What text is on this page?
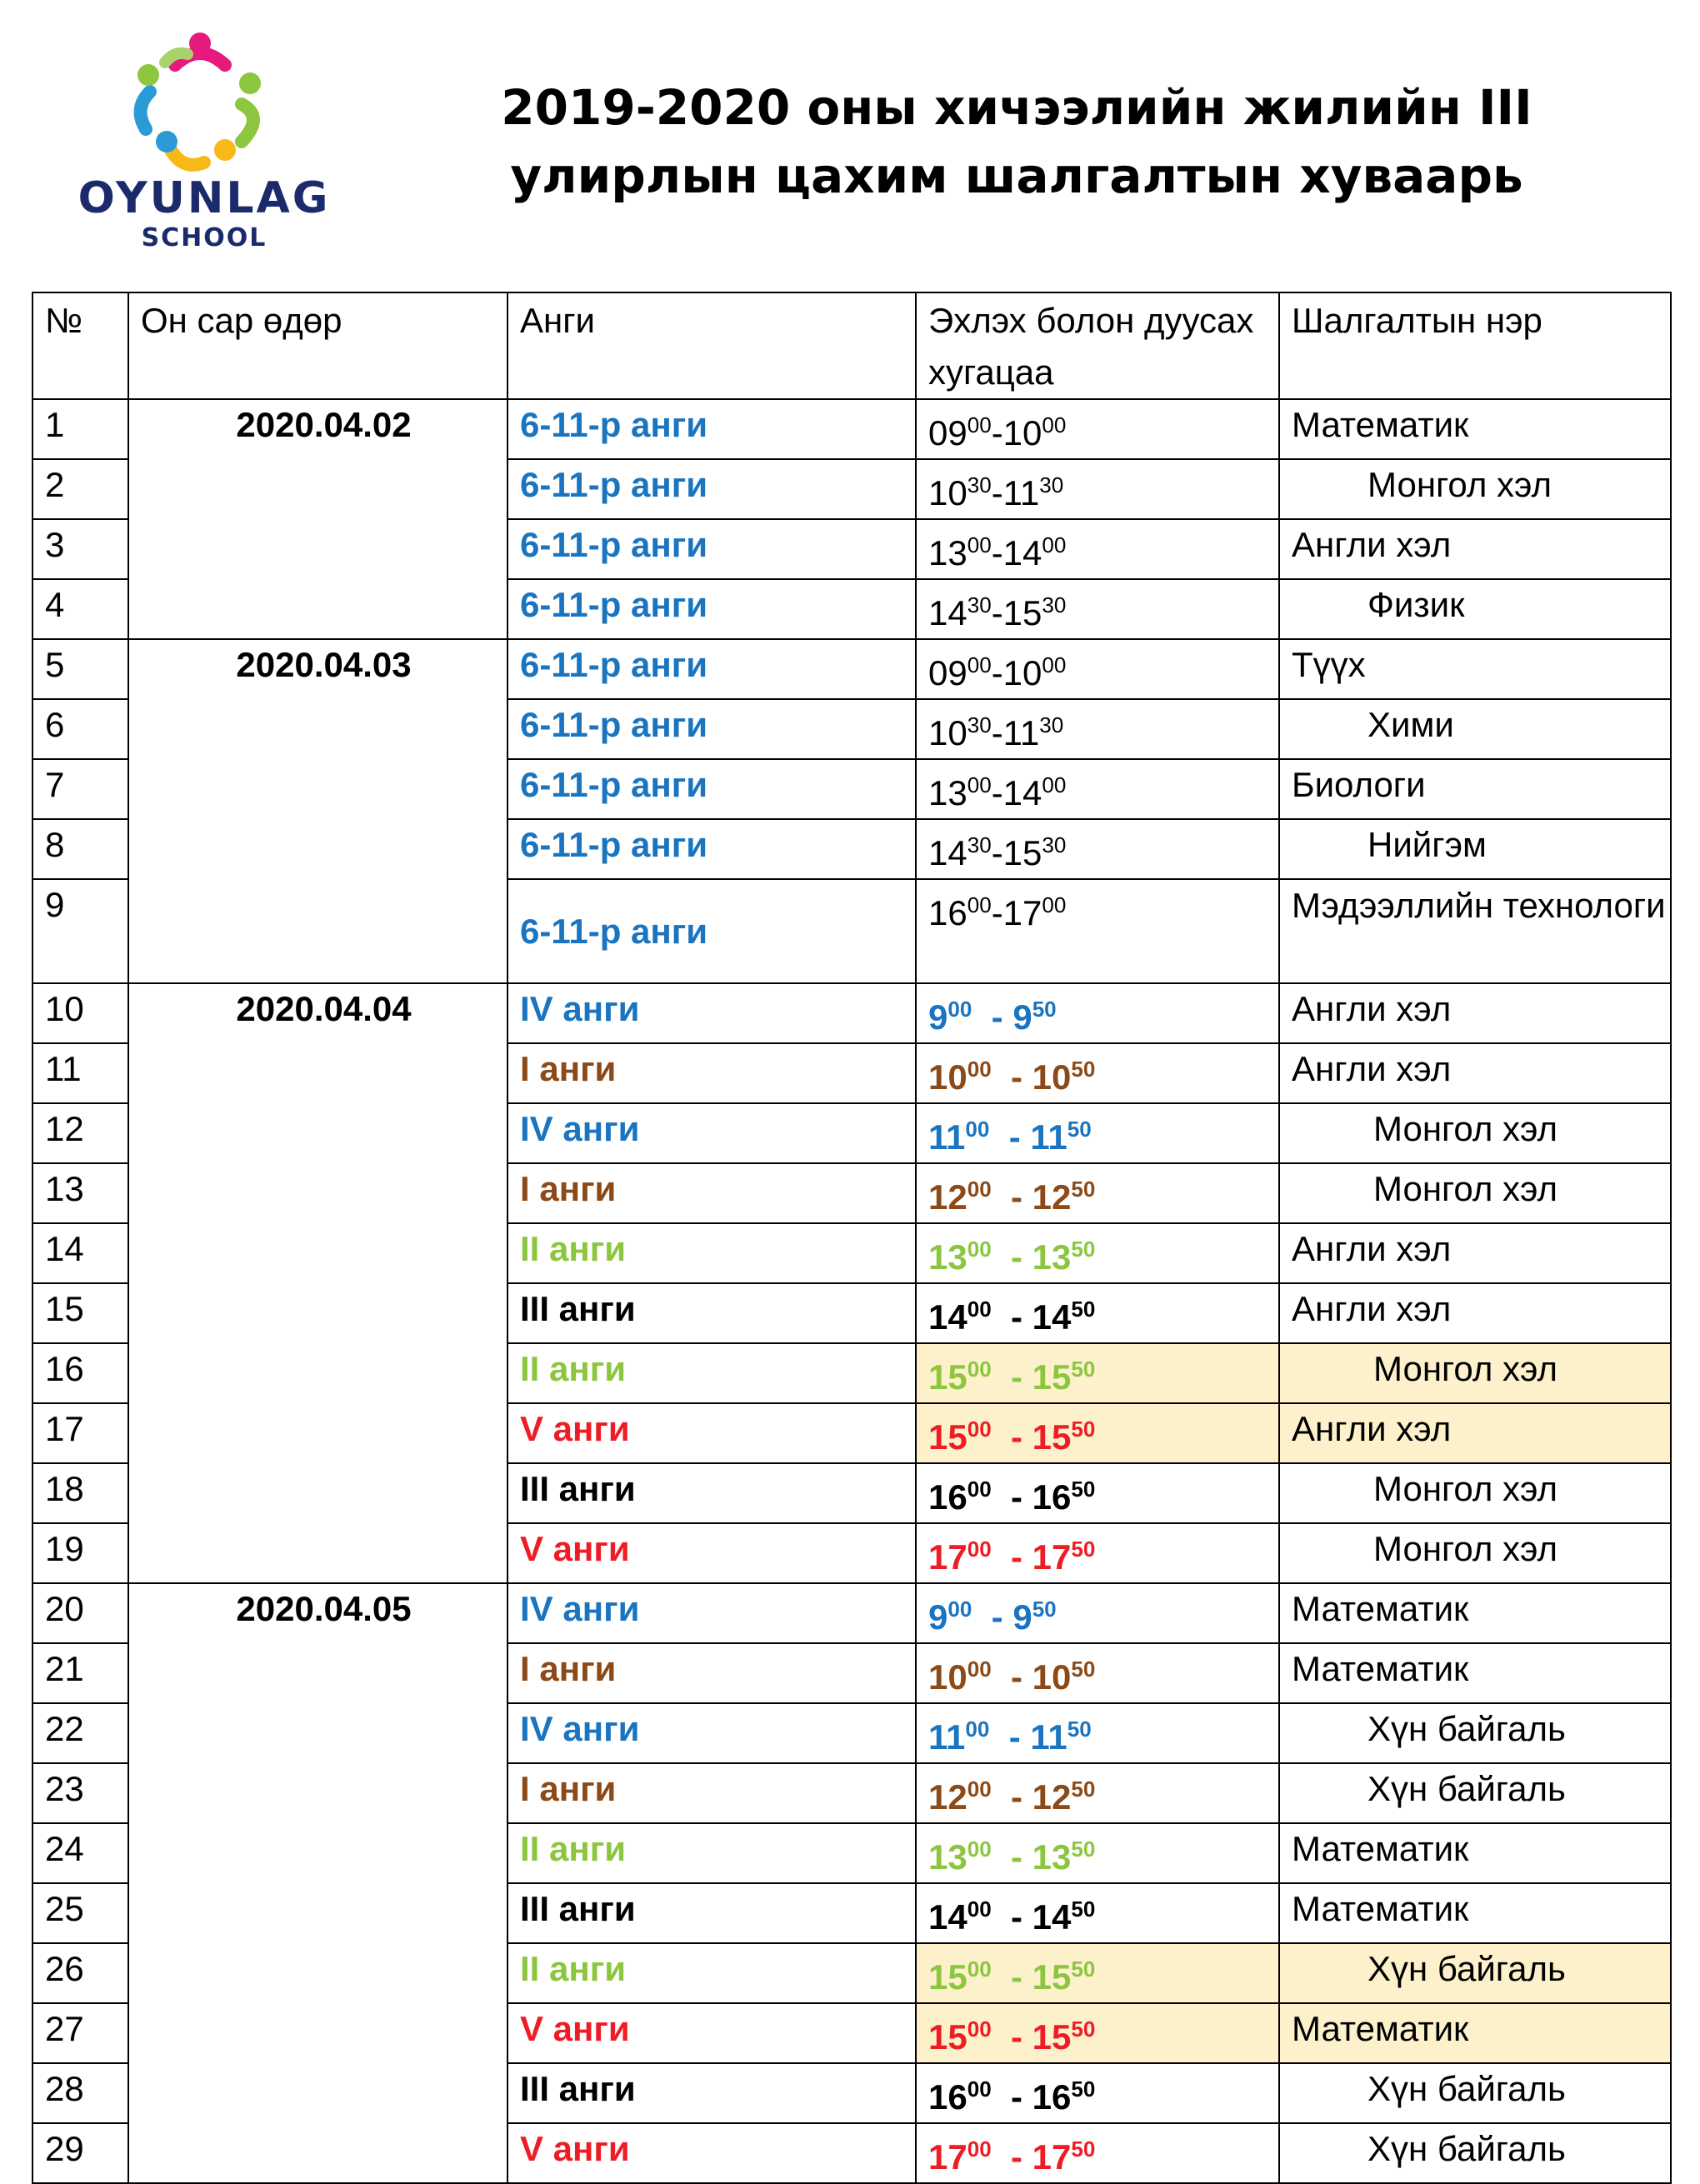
OYUNLAG
SCHOOL
2019-2020 оны хичээлийн жилийн III улирлын цахим шалгалтын хуваарь
№	Он сар өдөр	Анги	Эхлэх болон дуусах хугацаа	Шалгалтын нэр
1	2020.04.02	6-11-р анги	$09^{00}-10^{00}$	Математик
2		6-11-р анги	$10^{30}-11^{30}$	Монгол хэл
3		6-11-р анги	$13^{00}-14^{00}$	Англи хэл
4		6-11-р анги	$14^{30}-15^{30}$	Физик
5	2020.04.03	6-11-р анги	$09^{00}-10^{00}$	Түүх
6		6-11-р анги	$10^{30}-11^{30}$	Хими
7		6-11-р анги	$13^{00}-14^{00}$	Биологи
8		6-11-р анги	$14^{30}-15^{30}$	Нийгэм
9		6-11-р анги	$16^{00}-17^{00}$	Мэдээллийн технологи
10	2020.04.04	IV анги	$9^{00} - 9^{50}$	Англи хэл
11		I анги	$10^{00} - 10^{50}$	Англи хэл
12		IV анги	$11^{00} - 11^{50}$	Монгол хэл
13		I анги	$12^{00} - 12^{50}$	Монгол хэл
14		II анги	$13^{00} - 13^{50}$	Англи хэл
15		III анги	$14^{00} - 14^{50}$	Англи хэл
16		II анги	$15^{00} - 15^{50}$	Монгол хэл
17		V анги	$15^{00} - 15^{50}$	Англи хэл
18		III анги	$16^{00} - 16^{50}$	Монгол хэл
19		V анги	$17^{00} - 17^{50}$	Монгол хэл
20	2020.04.05	IV анги	$9^{00} - 9^{50}$	Математик
21		I анги	$10^{00} - 10^{50}$	Математик
22		IV анги	$11^{00} - 11^{50}$	Хүн байгаль
23		I анги	$12^{00} - 12^{50}$	Хүн байгаль
24		II анги	$13^{00} - 13^{50}$	Математик
25		III анги	$14^{00} - 14^{50}$	Математик
26		II анги	$15^{00} - 15^{50}$	Хүн байгаль
27		V анги	$15^{00} - 15^{50}$	Математик
28		III анги	$16^{00} - 16^{50}$	Хүн байгаль
29		V анги	$17^{00} - 17^{50}$	Хүн байгаль
